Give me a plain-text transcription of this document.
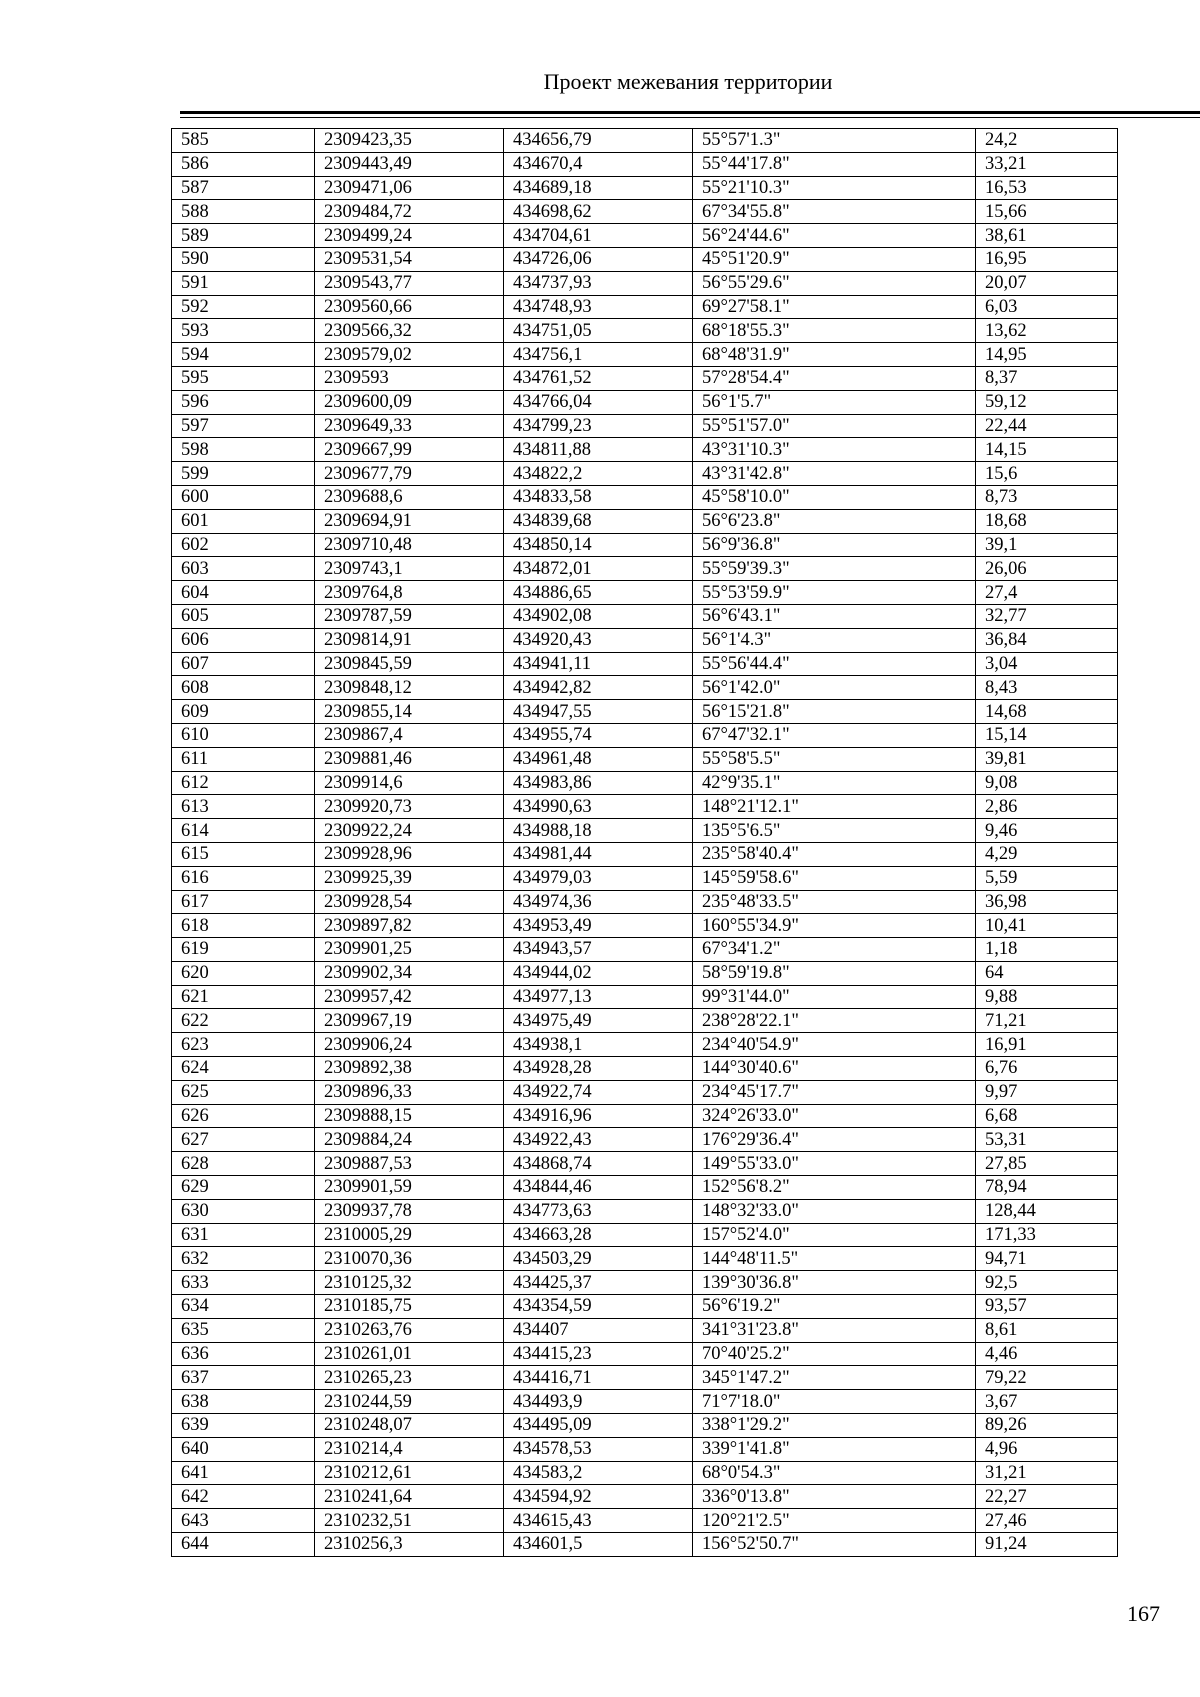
Проект межевания территории
585	2309423,35	434656,79	55°57'1.3"	24,2
586	2309443,49	434670,4	55°44'17.8"	33,21
587	2309471,06	434689,18	55°21'10.3"	16,53
588	2309484,72	434698,62	67°34'55.8"	15,66
589	2309499,24	434704,61	56°24'44.6"	38,61
590	2309531,54	434726,06	45°51'20.9"	16,95
591	2309543,77	434737,93	56°55'29.6"	20,07
592	2309560,66	434748,93	69°27'58.1"	6,03
593	2309566,32	434751,05	68°18'55.3"	13,62
594	2309579,02	434756,1	68°48'31.9"	14,95
595	2309593	434761,52	57°28'54.4"	8,37
596	2309600,09	434766,04	56°1'5.7"	59,12
597	2309649,33	434799,23	55°51'57.0"	22,44
598	2309667,99	434811,88	43°31'10.3"	14,15
599	2309677,79	434822,2	43°31'42.8"	15,6
600	2309688,6	434833,58	45°58'10.0"	8,73
601	2309694,91	434839,68	56°6'23.8"	18,68
602	2309710,48	434850,14	56°9'36.8"	39,1
603	2309743,1	434872,01	55°59'39.3"	26,06
604	2309764,8	434886,65	55°53'59.9"	27,4
605	2309787,59	434902,08	56°6'43.1"	32,77
606	2309814,91	434920,43	56°1'4.3"	36,84
607	2309845,59	434941,11	55°56'44.4"	3,04
608	2309848,12	434942,82	56°1'42.0"	8,43
609	2309855,14	434947,55	56°15'21.8"	14,68
610	2309867,4	434955,74	67°47'32.1"	15,14
611	2309881,46	434961,48	55°58'5.5"	39,81
612	2309914,6	434983,86	42°9'35.1"	9,08
613	2309920,73	434990,63	148°21'12.1"	2,86
614	2309922,24	434988,18	135°5'6.5"	9,46
615	2309928,96	434981,44	235°58'40.4"	4,29
616	2309925,39	434979,03	145°59'58.6"	5,59
617	2309928,54	434974,36	235°48'33.5"	36,98
618	2309897,82	434953,49	160°55'34.9"	10,41
619	2309901,25	434943,57	67°34'1.2"	1,18
620	2309902,34	434944,02	58°59'19.8"	64
621	2309957,42	434977,13	99°31'44.0"	9,88
622	2309967,19	434975,49	238°28'22.1"	71,21
623	2309906,24	434938,1	234°40'54.9"	16,91
624	2309892,38	434928,28	144°30'40.6"	6,76
625	2309896,33	434922,74	234°45'17.7"	9,97
626	2309888,15	434916,96	324°26'33.0"	6,68
627	2309884,24	434922,43	176°29'36.4"	53,31
628	2309887,53	434868,74	149°55'33.0"	27,85
629	2309901,59	434844,46	152°56'8.2"	78,94
630	2309937,78	434773,63	148°32'33.0"	128,44
631	2310005,29	434663,28	157°52'4.0"	171,33
632	2310070,36	434503,29	144°48'11.5"	94,71
633	2310125,32	434425,37	139°30'36.8"	92,5
634	2310185,75	434354,59	56°6'19.2"	93,57
635	2310263,76	434407	341°31'23.8"	8,61
636	2310261,01	434415,23	70°40'25.2"	4,46
637	2310265,23	434416,71	345°1'47.2"	79,22
638	2310244,59	434493,9	71°7'18.0"	3,67
639	2310248,07	434495,09	338°1'29.2"	89,26
640	2310214,4	434578,53	339°1'41.8"	4,96
641	2310212,61	434583,2	68°0'54.3"	31,21
642	2310241,64	434594,92	336°0'13.8"	22,27
643	2310232,51	434615,43	120°21'2.5"	27,46
644	2310256,3	434601,5	156°52'50.7"	91,24
167
